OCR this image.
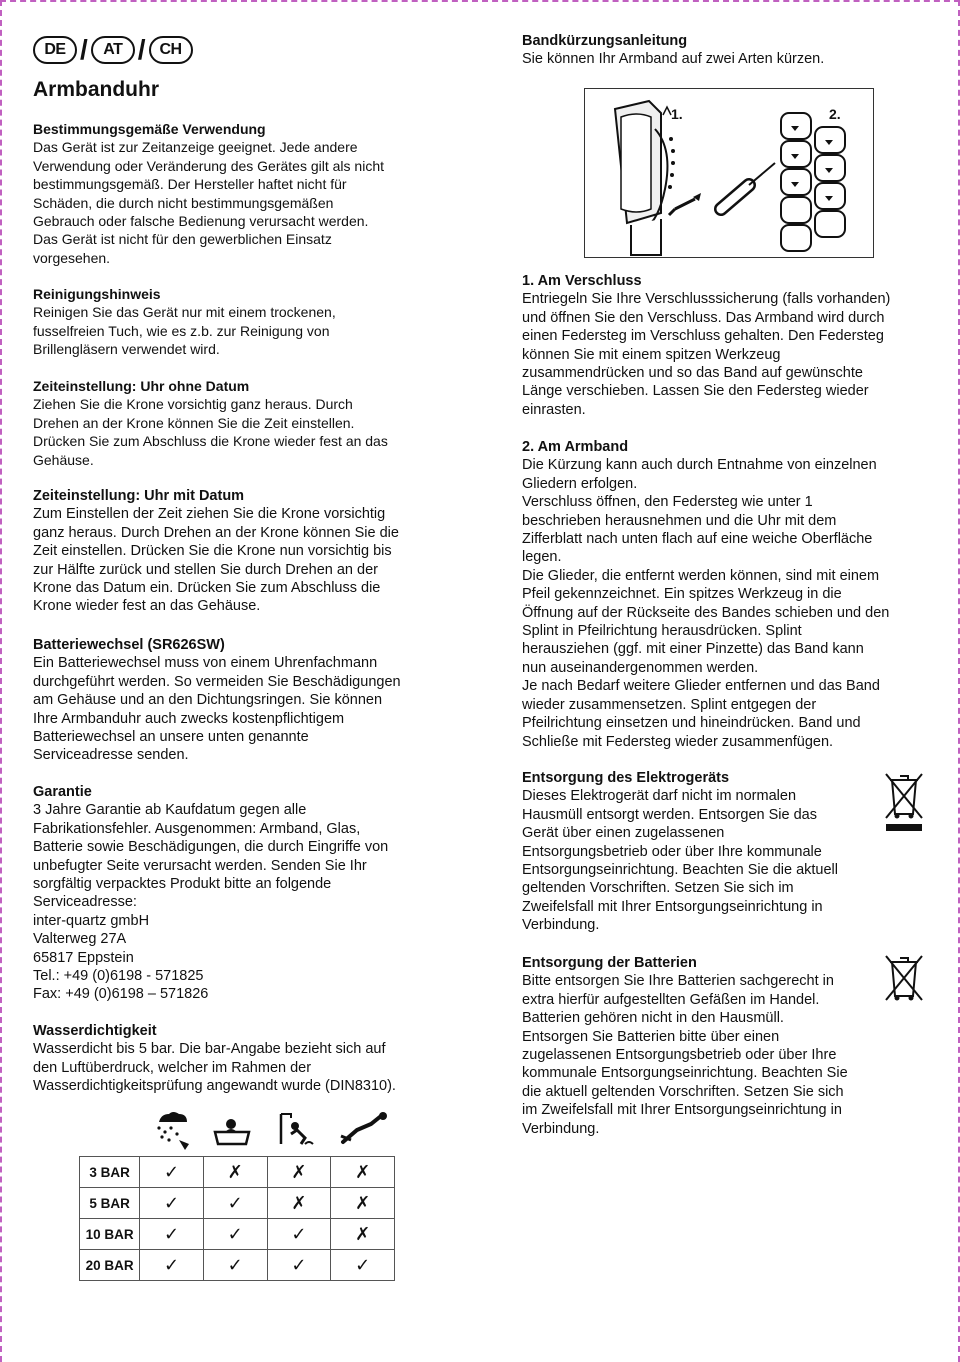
DE / AT / CH
Armbanduhr

Bestimmungsgemäße Verwendung

Das Gerät ist zur Zeitanzeige geeignet. Jede andere
Verwendung oder Veränderung des Gerätes gilt als nicht
bestimmungsgemäß. Der Hersteller haftet nicht für
Schäden, die durch nicht bestimmungsgemäßen
Gebrauch oder falsche Bedienung verursacht werden.
Das Gerät ist nicht für den gewerblichen Einsatz
vorgesehen.

Reinigungshinweis

Reinigen Sie das Gerät nur mit einem trockenen,
fusselfreien Tuch, wie es z.b. zur Reinigung von
Brillengläsern verwendet wird.

Zeiteinstellung: Uhr ohne Datum

Ziehen Sie die Krone vorsichtig ganz heraus. Durch
Drehen an der Krone können Sie die Zeit einstellen.
Drücken Sie zum Abschluss die Krone wieder fest an das
Gehäuse.

Zeiteinstellung: Uhr mit Datum

Zum Einstellen der Zeit ziehen Sie die Krone vorsichtig
ganz heraus. Durch Drehen an der Krone können Sie die
Zeit einstellen. Drücken Sie die Krone nun vorsichtig bis
zur Hälfte zurück und stellen Sie durch Drehen an der
Krone das Datum ein. Drücken Sie zum Abschluss die
Krone wieder fest an das Gehäuse.

Batteriewechsel (SR626SW)

Ein Batteriewechsel muss von einem Uhrenfachmann
durchgeführt werden. So vermeiden Sie Beschädigungen
am Gehäuse und an den Dichtungsringen. Sie können
Ihre Armbanduhr auch zwecks kostenpflichtigem
Batteriewechsel an unsere unten genannte
Serviceadresse senden.

Garantie

3 Jahre Garantie ab Kaufdatum gegen alle
Fabrikationsfehler. Ausgenommen: Armband, Glas,
Batterie sowie Beschädigungen, die durch Eingriffe von
unbefugter Seite verursacht werden. Senden Sie Ihr
sorgfältig verpacktes Produkt bitte an folgende
Serviceadresse:
inter-quartz gmbH
Valterweg 27A
65817 Eppstein
Tel.: +49 (0)6198 - 571825
Fax: +49 (0)6198 – 571826

Wasserdichtigkeit

Wasserdicht bis 5 bar. Die bar-Angabe bezieht sich auf
den Luftüberdruck, welcher im Rahmen der
Wasserdichtigkeitsprüfung angewandt wurde (DIN8310).

3 BAR	✓	✗	✗	✗
5 BAR	✓	✓	✗	✗
10 BAR	✓	✓	✓	✗
20 BAR	✓	✓	✓	✓

Bandkürzungsanleitung

Sie können Ihr Armband auf zwei Arten kürzen.

1. Am Verschluss

Entriegeln Sie Ihre Verschlusssicherung (falls vorhanden)
und öffnen Sie den Verschluss. Das Armband wird durch
einen Federsteg im Verschluss gehalten. Den Federsteg
können Sie mit einem spitzen Werkzeug
zusammendrücken und so das Band auf gewünschte
Länge verschieben. Lassen Sie den Federsteg wieder
einrasten.

2. Am Armband

Die Kürzung kann auch durch Entnahme von einzelnen
Gliedern erfolgen.
Verschluss öffnen, den Federsteg wie unter 1
beschrieben herausnehmen und die Uhr mit dem
Zifferblatt nach unten flach auf eine weiche Oberfläche
legen.
Die Glieder, die entfernt werden können, sind mit einem
Pfeil gekennzeichnet. Ein spitzes Werkzeug in die
Öffnung auf der Rückseite des Bandes schieben und den
Splint in Pfeilrichtung herausdrücken. Splint
herausziehen (ggf. mit einer Pinzette) das Band kann
nun auseinandergenommen werden.
Je nach Bedarf weitere Glieder entfernen und das Band
wieder zusammensetzen. Splint entgegen der
Pfeilrichtung einsetzen und hineindrücken. Band und
Schließe mit Federsteg wieder zusammenfügen.

Entsorgung des Elektrogeräts

Dieses Elektrogerät darf nicht im normalen
Hausmüll entsorgt werden. Entsorgen Sie das
Gerät über einen zugelassenen
Entsorgungsbetrieb oder über Ihre kommunale
Entsorgungseinrichtung. Beachten Sie die aktuell
geltenden Vorschriften. Setzen Sie sich im
Zweifelsfall mit Ihrer Entsorgungseinrichtung in
Verbindung.

Entsorgung der Batterien

Bitte entsorgen Sie Ihre Batterien sachgerecht in
extra hierfür aufgestellten Gefäßen im Handel.
Batterien gehören nicht in den Hausmüll.
Entsorgen Sie Batterien bitte über einen
zugelassenen Entsorgungsbetrieb oder über Ihre
kommunale Entsorgungseinrichtung. Beachten Sie
die aktuell geltenden Vorschriften. Setzen Sie sich
im Zweifelsfall mit Ihrer Entsorgungseinrichtung in
Verbindung.

1.	2.
